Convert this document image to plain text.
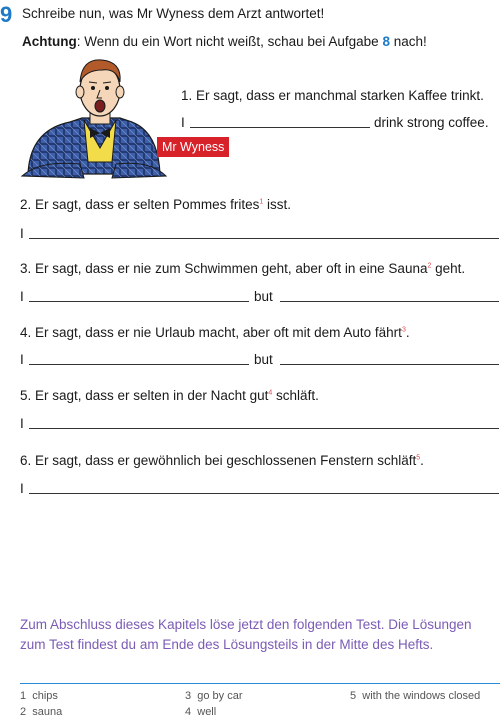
9 Schreibe nun, was Mr Wyness dem Arzt antwortet!
Achtung: Wenn du ein Wort nicht weißt, schau bei Aufgabe 8 nach!
Mr Wyness
1. Er sagt, dass er manchmal starken Kaffee trinkt.
I	drink strong coffee.
2. Er sagt, dass er selten Pommes frites$^1$ isst.
I
3. Er sagt, dass er nie zum Schwimmen geht, aber oft in eine Sauna$^2$ geht.
I	but
4. Er sagt, dass er nie Urlaub macht, aber oft mit dem Auto fährt$^3$.
I	but
5. Er sagt, dass er selten in der Nacht gut$^4$ schläft.
I
6. Er sagt, dass er gewöhnlich bei geschlossenen Fenstern schläft$^5$.
I
Zum Abschluss dieses Kapitels löse jetzt den folgenden Test. Die Lösungen
zum Test findest du am Ende des Lösungsteils in der Mitte des Hefts.
1 chips
2 sauna
3 go by car
4 well
5 with the windows closed
